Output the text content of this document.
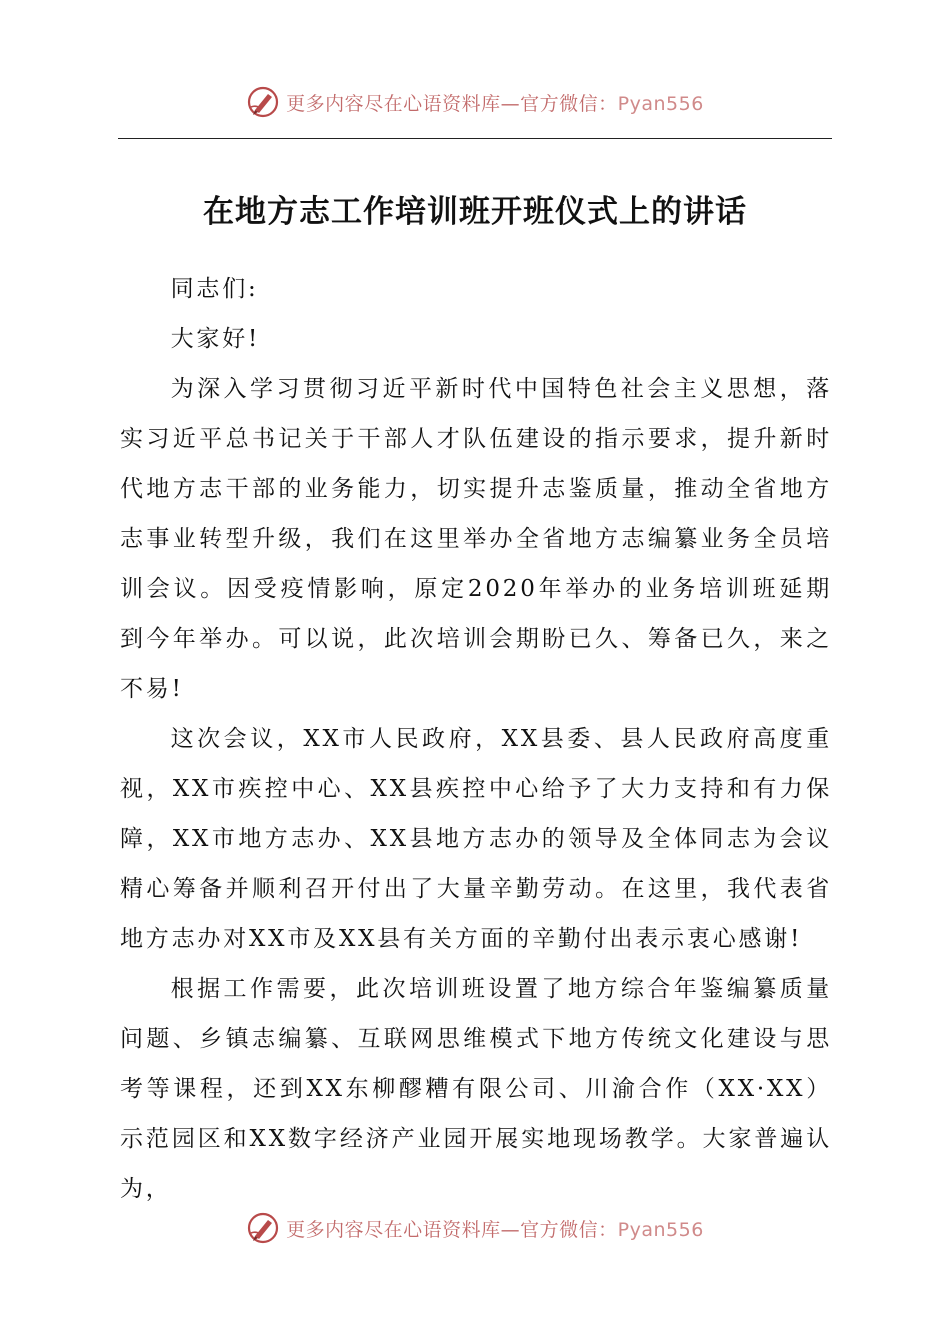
更多内容尽在心语资料库—官方微信：Pyan556
在地方志工作培训班开班仪式上的讲话

同志们:

大家好!

为深入学习贯彻习近平新时代中国特色社会主义思想，落实习近平总书记关于干部人才队伍建设的指示要求，提升新时代地方志干部的业务能力，切实提升志鉴质量，推动全省地方志事业转型升级，我们在这里举办全省地方志编纂业务全员培训会议。因受疫情影响，原定2020年举办的业务培训班延期到今年举办。可以说，此次培训会期盼已久、筹备已久，来之不易!

这次会议，XX市人民政府，XX县委、县人民政府高度重视，XX市疾控中心、XX县疾控中心给予了大力支持和有力保障，XX市地方志办、XX县地方志办的领导及全体同志为会议精心筹备并顺利召开付出了大量辛勤劳动。在这里，我代表省地方志办对XX市及XX县有关方面的辛勤付出表示衷心感谢!

根据工作需要，此次培训班设置了地方综合年鉴编纂质量问题、乡镇志编纂、互联网思维模式下地方传统文化建设与思考等课程，还到XX东柳醪糟有限公司、川渝合作（XX·XX）示范园区和XX数字经济产业园开展实地现场教学。大家普遍认为，

更多内容尽在心语资料库—官方微信：Pyan556
